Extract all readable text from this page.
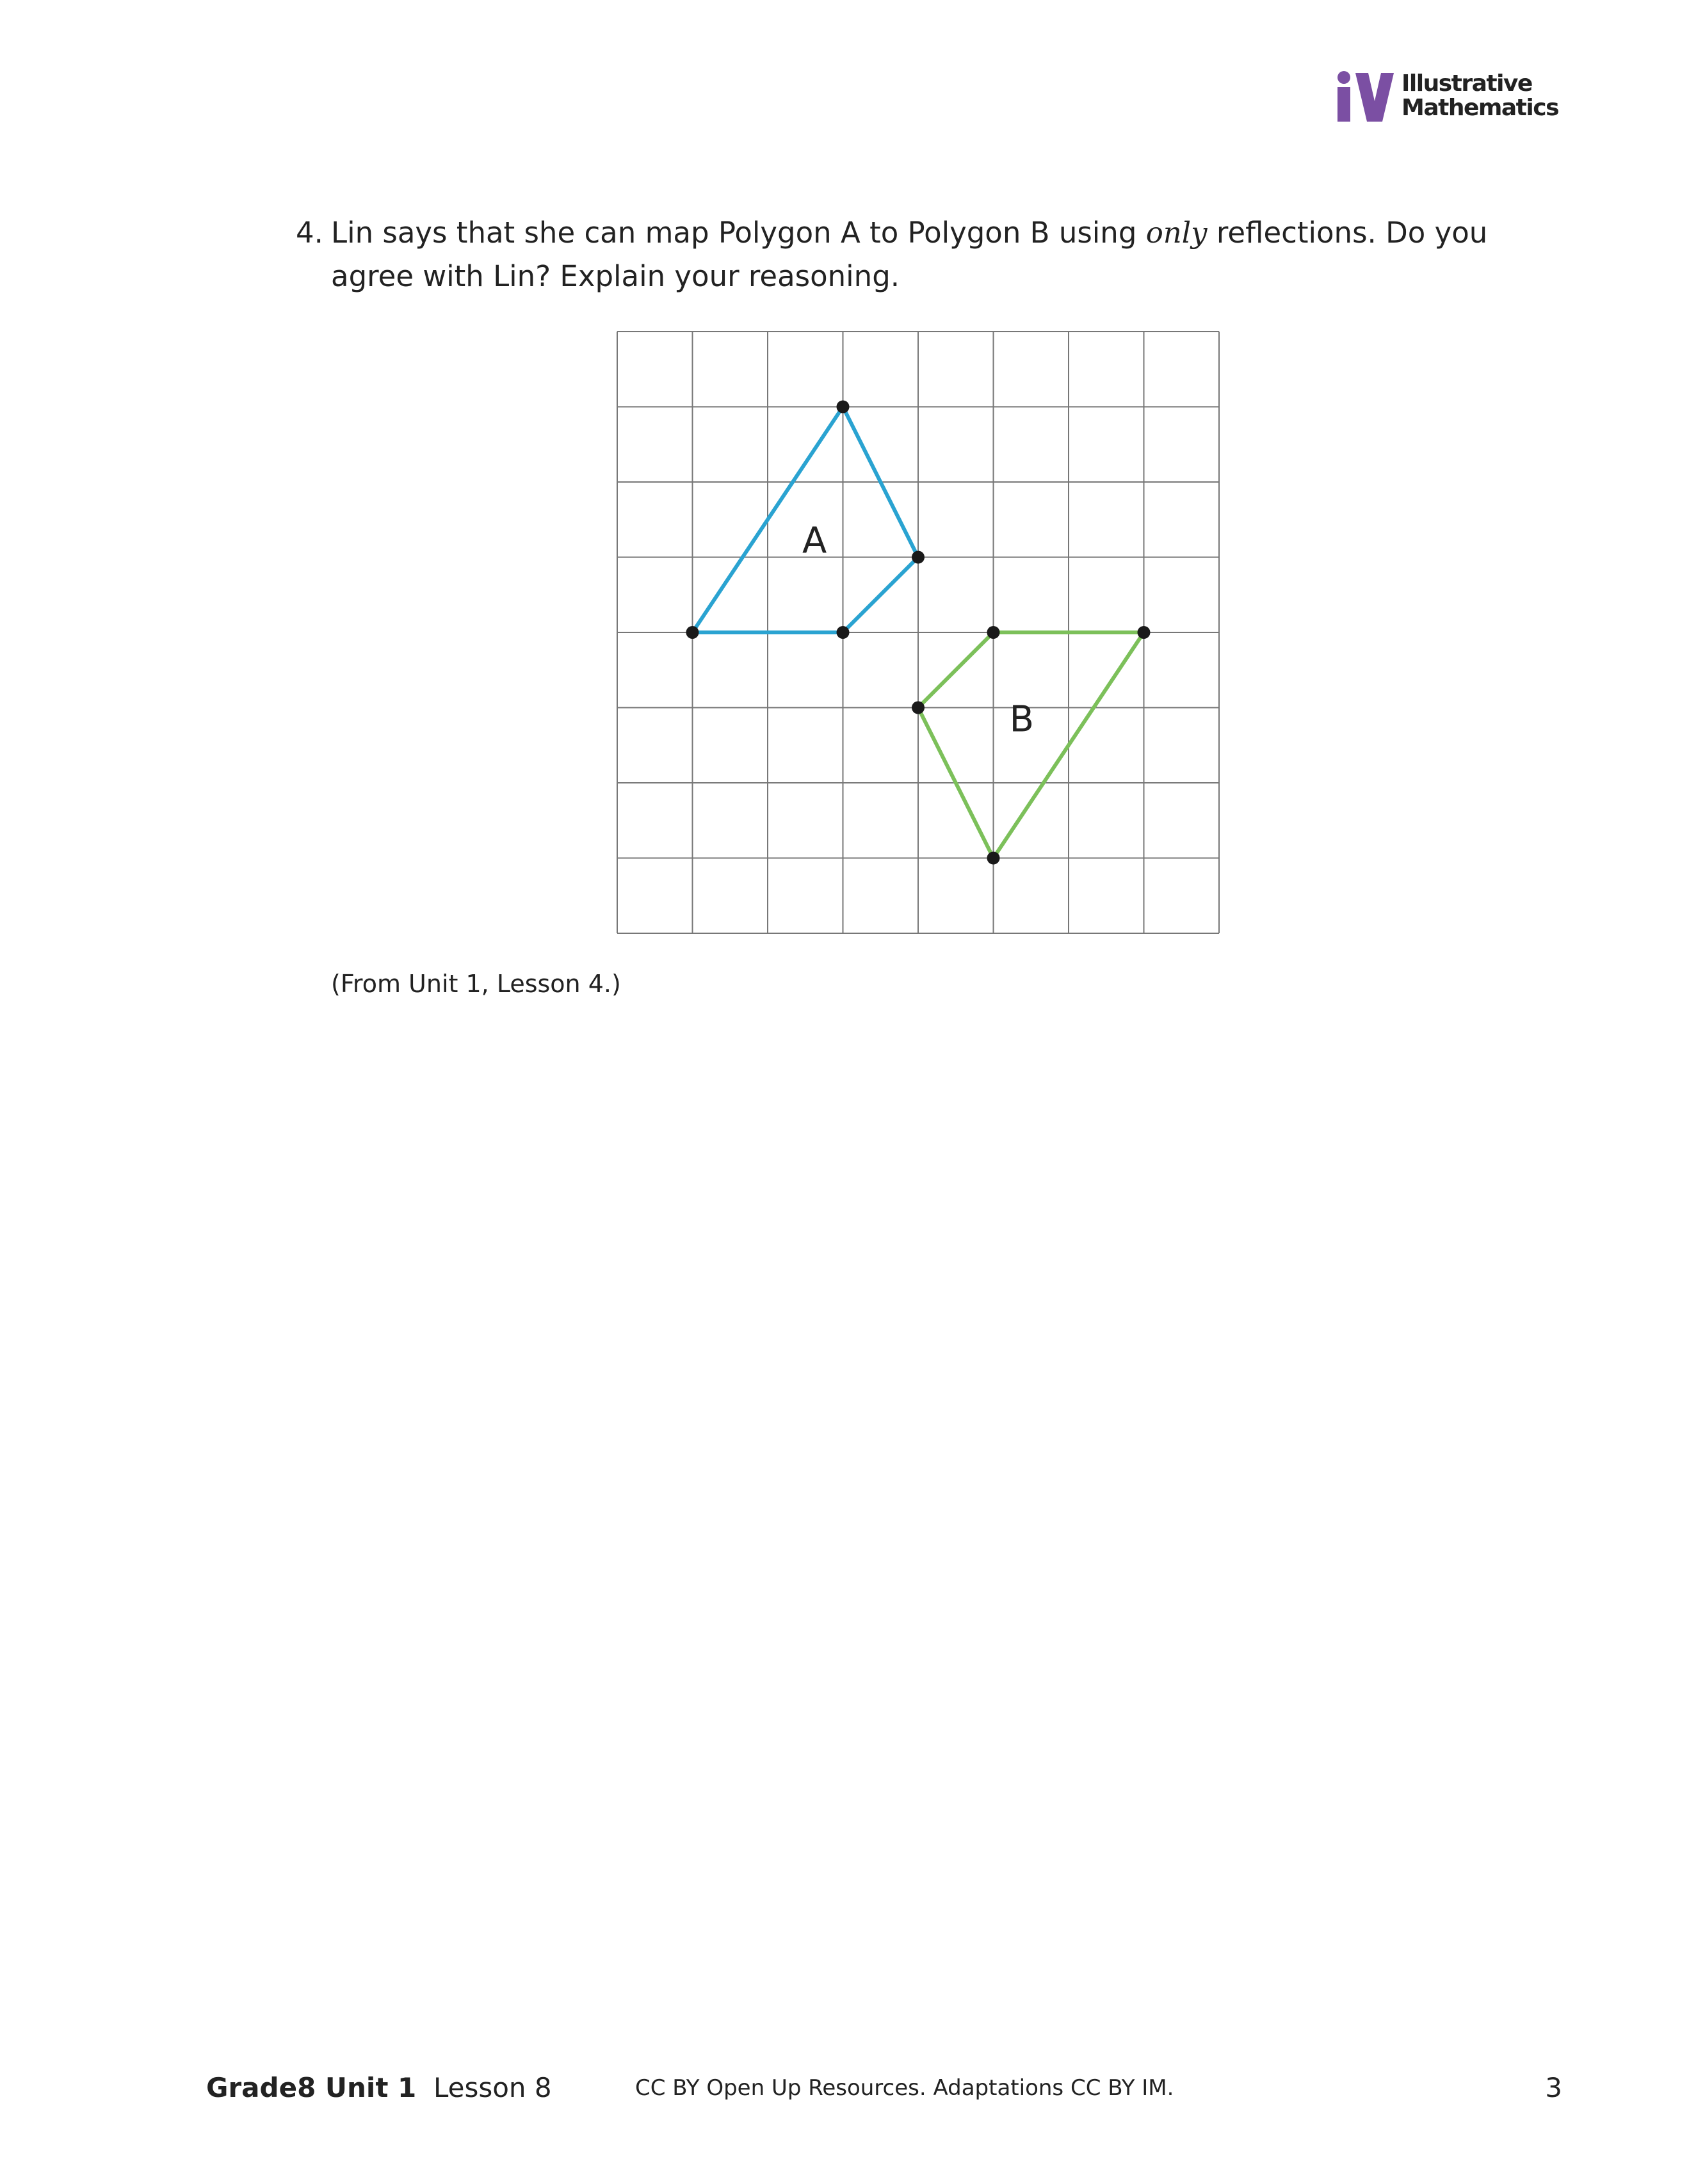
Illustrative
Mathematics
4. Lin says that she can map Polygon A to Polygon B using only reflections. Do you agree with Lin? Explain your reasoning.
A
B
(From Unit 1, Lesson 4.)
Grade8 Unit 1 Lesson 8	CC BY Open Up Resources. Adaptations CC BY IM.	3
